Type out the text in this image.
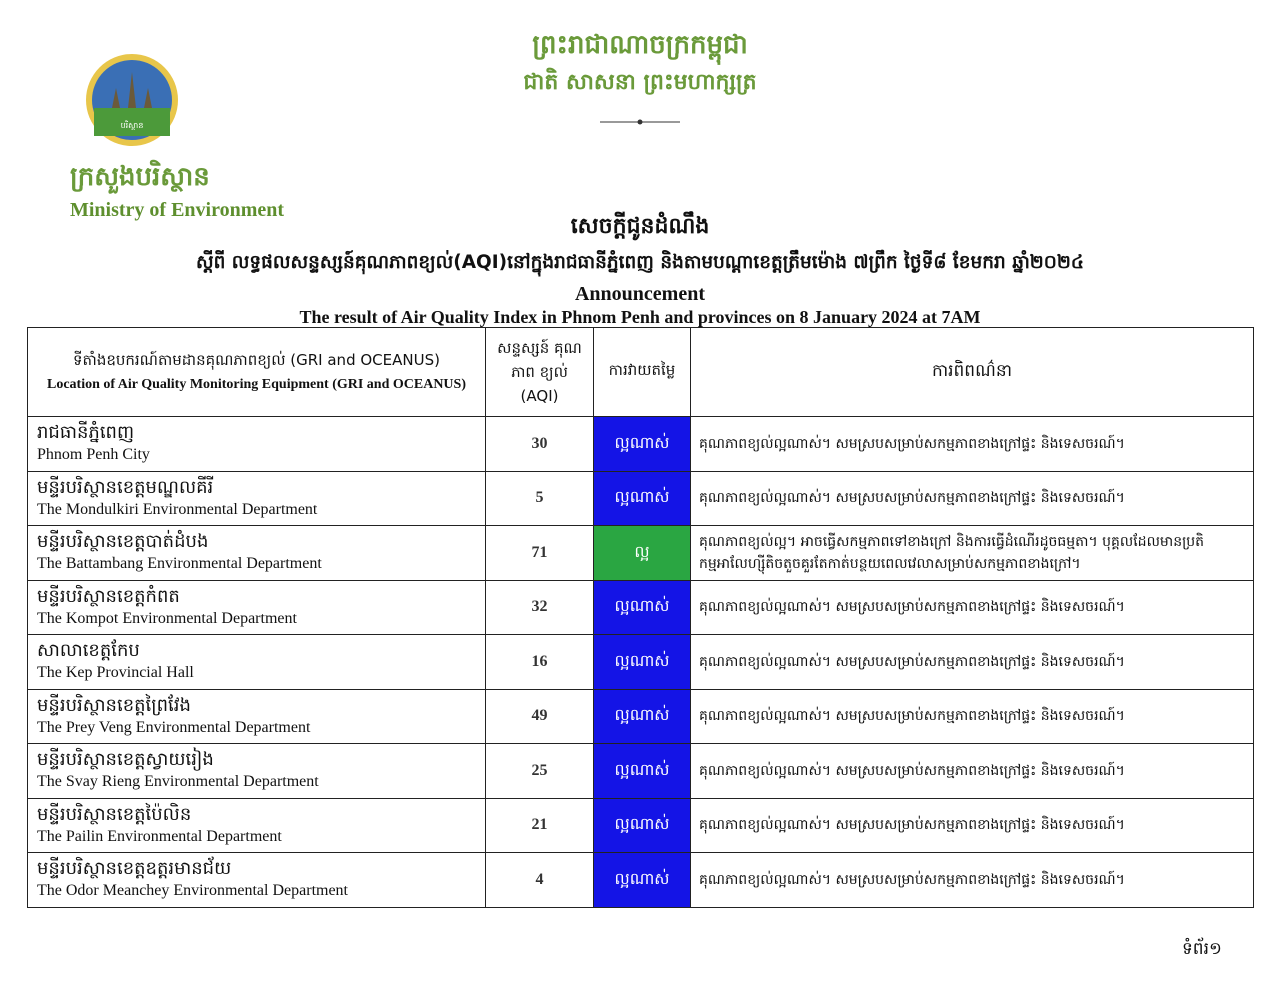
ព្រះរាជាណាចក្រកម្ពុជា
ជាតិ សាសនា ព្រះមហាក្សត្រ
បរិស្ថាន
ក្រសួងបរិស្ថាន
Ministry of Environment
សេចក្តីជូនដំណឹង
ស្តីពី លទ្ធផលសន្ទស្សន៍គុណភាពខ្យល់(AQI)នៅក្នុងរាជធានីភ្នំពេញ និងតាមបណ្តាខេត្តត្រឹមម៉ោង ៧ព្រឹក ថ្ងៃទី៨ ខែមករា ឆ្នាំ២០២៤
Announcement
The result of Air Quality Index in Phnom Penh and provinces on 8 January 2024 at 7AM
ទីតាំងឧបករណ៍តាមដានគុណភាពខ្យល់ (GRI and OCEANUS)
Location of Air Quality Monitoring Equipment (GRI and OCEANUS)	សន្ទស្សន៍ គុណភាព ខ្យល់ (AQI)	ការវាយតម្លៃ	ការពិពណ៌នា

រាជធានីភ្នំពេញ
Phnom Penh City	30	ល្អណាស់	គុណភាពខ្យល់ល្អណាស់។ សមស្របសម្រាប់សកម្មភាពខាងក្រៅផ្ទះ និងទេសចរណ៍។

មន្ទីរបរិស្ថានខេត្តមណ្ឌលគីរី
The Mondulkiri Environmental Department	5	ល្អណាស់	គុណភាពខ្យល់ល្អណាស់។ សមស្របសម្រាប់សកម្មភាពខាងក្រៅផ្ទះ និងទេសចរណ៍។

មន្ទីរបរិស្ថានខេត្តបាត់ដំបង
The Battambang Environmental Department	71	ល្អ	គុណភាពខ្យល់ល្អ។ អាចធ្វើសកម្មភាពទៅខាងក្រៅ និងការធ្វើដំណើរដូចធម្មតា។ បុគ្គលដែលមានប្រតិកម្មអាលែហ្ស៊ីតិចតួចគួរតែកាត់បន្ថយពេលវេលាសម្រាប់សកម្មភាពខាងក្រៅ។

មន្ទីរបរិស្ថានខេត្តកំពត
The Kompot Environmental Department	32	ល្អណាស់	គុណភាពខ្យល់ល្អណាស់។ សមស្របសម្រាប់សកម្មភាពខាងក្រៅផ្ទះ និងទេសចរណ៍។

សាលាខេត្តកែប
The Kep Provincial Hall	16	ល្អណាស់	គុណភាពខ្យល់ល្អណាស់។ សមស្របសម្រាប់សកម្មភាពខាងក្រៅផ្ទះ និងទេសចរណ៍។

មន្ទីរបរិស្ថានខេត្តព្រៃវែង
The Prey Veng Environmental Department	49	ល្អណាស់	គុណភាពខ្យល់ល្អណាស់។ សមស្របសម្រាប់សកម្មភាពខាងក្រៅផ្ទះ និងទេសចរណ៍។

មន្ទីរបរិស្ថានខេត្តស្វាយរៀង
The Svay Rieng Environmental Department	25	ល្អណាស់	គុណភាពខ្យល់ល្អណាស់។ សមស្របសម្រាប់សកម្មភាពខាងក្រៅផ្ទះ និងទេសចរណ៍។

មន្ទីរបរិស្ថានខេត្តប៉ៃលិន
The Pailin Environmental Department	21	ល្អណាស់	គុណភាពខ្យល់ល្អណាស់។ សមស្របសម្រាប់សកម្មភាពខាងក្រៅផ្ទះ និងទេសចរណ៍។

មន្ទីរបរិស្ថានខេត្តឧត្តរមានជ័យ
The Odor Meanchey Environmental Department	4	ល្អណាស់	គុណភាពខ្យល់ល្អណាស់។ សមស្របសម្រាប់សកម្មភាពខាងក្រៅផ្ទះ និងទេសចរណ៍។
ទំព័រ១
